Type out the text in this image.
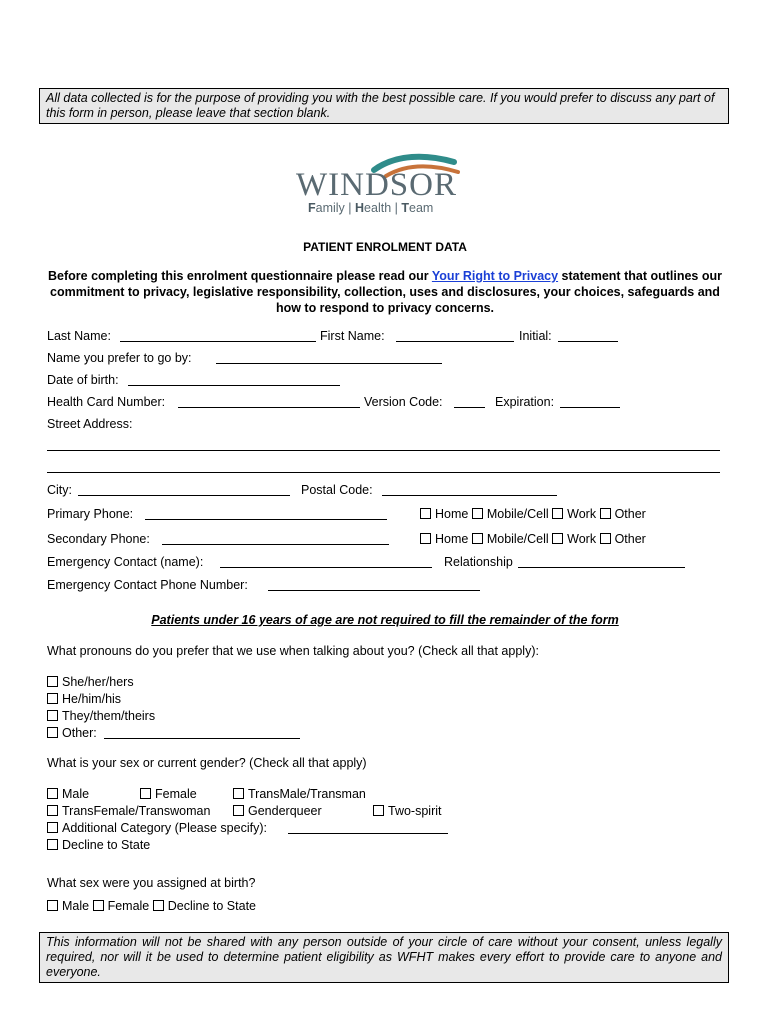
All data collected is for the purpose of providing you with the best possible care. If you would prefer to discuss any part of this form in person, please leave that section blank.
WINDSOR
Family | Health | Team
PATIENT ENROLMENT DATA
Before completing this enrolment questionnaire please read our Your Right to Privacy statement that outlines our commitment to privacy, legislative responsibility, collection, uses and disclosures, your choices, safeguards and how to respond to privacy concerns.
Last Name:	First Name:	Initial:
Name you prefer to go by:
Date of birth:
Health Card Number:	Version Code:	Expiration:
Street Address:
City:	Postal Code:
Primary Phone:	Home Mobile/Cell Work Other
Secondary Phone:	Home Mobile/Cell Work Other
Emergency Contact (name):	Relationship
Emergency Contact Phone Number:
Patients under 16 years of age are not required to fill the remainder of the form
What pronouns do you prefer that we use when talking about you? (Check all that apply):
She/her/hers
He/him/his
They/them/theirs
Other:
What is your sex or current gender? (Check all that apply)
Male	Female	TransMale/Transman
TransFemale/Transwoman	Genderqueer	Two-spirit
Additional Category (Please specify):
Decline to State
What sex were you assigned at birth?
Male Female Decline to State
This information will not be shared with any person outside of your circle of care without your consent, unless legally required, nor will it be used to determine patient eligibility as WFHT makes every effort to provide care to anyone and everyone.
